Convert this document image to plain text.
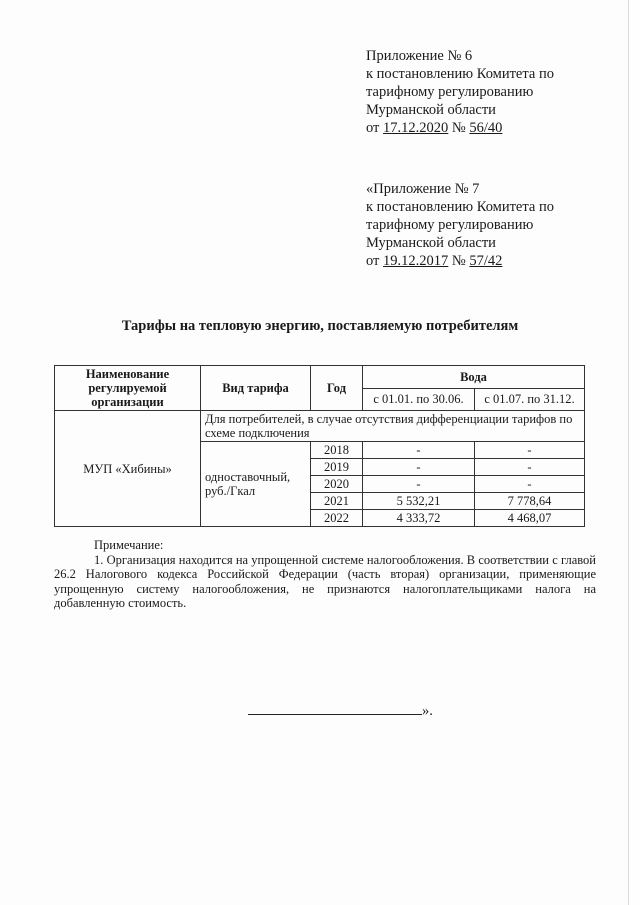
Приложение № 6
к постановлению Комитета по
тарифному регулированию
Мурманской области
от 17.12.2020 № 56/40
«Приложение № 7
к постановлению Комитета по
тарифному регулированию
Мурманской области
от 19.12.2017 № 57/42
Тарифы на тепловую энергию, поставляемую потребителям
Наименование регулируемой организации	Вид тарифа	Год	Вода	
			с 01.01. по 30.06.	с 01.07. по 31.12.
МУП «Хибины»	Для потребителей, в случае отсутствия дифференциации тарифов по схеме подключения			
	одноставочный, руб./Гкал	2018	-	-
		2019	-	-
		2020	-	-
		2021	5 532,21	7 778,64
		2022	4 333,72	4 468,07

Примечание:

1. Организация находится на упрощенной системе налогообложения. В соответствии с главой 26.2 Налогового кодекса Российской Федерации (часть вторая) организации, применяющие упрощенную систему налогообложения, не признаются налогоплательщиками налога на добавленную стоимость.

».
